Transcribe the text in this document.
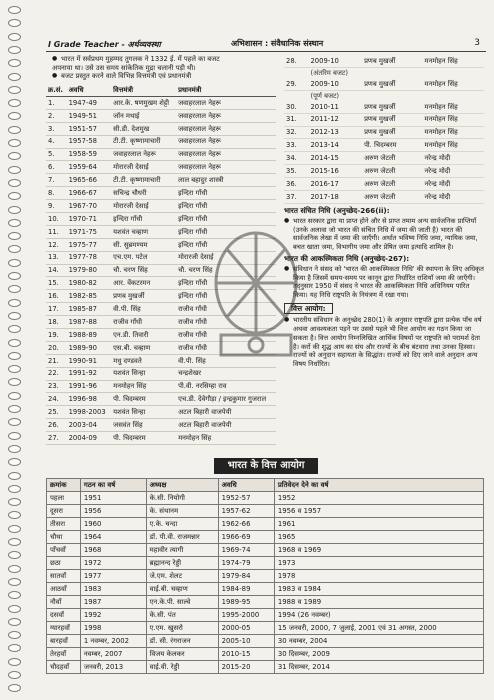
I Grade Teacher - अर्थव्यवस्था	अभिशासन : संवैधानिक संस्थान	3
● भारत में सर्वप्रथम मुहम्मद तुगलक ने 1332 ई. में पहले का बजट
अपनाया था। उसे उस समय सांकेतिक मुद्रा चलानी पड़ी थी।
● बजट प्रस्तुत करने वाले विभिन्न वित्तमंत्री एवं प्रधानमंत्री
क्र.सं.	अवधि	वित्तमंत्री	प्रधानमंत्री
1.	1947-49	आर.के. षणमुखम शेट्टी	जवाहरलाल नेहरू
2.	1949-51	जॉन मथाई	जवाहरलाल नेहरू
3.	1951-57	सी.डी. देशमुख	जवाहरलाल नेहरू
4.	1957-58	टी.टी. कृष्णामाचारी	जवाहरलाल नेहरू
5.	1958-59	जवाहरलाल नेहरू	जवाहरलाल नेहरू
6.	1959-64	मोरारजी देसाई	जवाहरलाल नेहरू
7.	1965-66	टी.टी. कृष्णामाचारी	लाल बहादुर शास्त्री
8.	1966-67	सचिन्द्र चौधरी	इन्दिरा गाँधी
9.	1967-70	मोरारजी देसाई	इन्दिरा गाँधी
10.	1970-71	इन्दिरा गाँधी	इन्दिरा गाँधी
11.	1971-75	यशवंत चव्हाण	इन्दिरा गाँधी
12.	1975-77	सी. सुब्रमण्यम	इन्दिरा गाँधी
13.	1977-78	एच.एम. पटेल	मोरारजी देसाई
14.	1979-80	चौ. चरण सिंह	चौ. चरण सिंह
15.	1980-82	आर. वेंकटरमन	इन्दिरा गाँधी
16.	1982-85	प्रणब मुखर्जी	इन्दिरा गाँधी
17.	1985-87	वी.पी. सिंह	राजीव गाँधी
18.	1987-88	राजीव गाँधी	राजीव गाँधी
19.	1988-89	एन.डी. तिवारी	राजीव गाँधी
20.	1989-90	एस.बी. चव्हाण	राजीव गाँधी
21.	1990-91	मधु दण्डवते	वी.पी. सिंह
22.	1991-92	यशवंत सिन्हा	चन्द्रशेखर
23.	1991-96	मनमोहन सिंह	पी.वी. नरसिम्हा राव
24.	1996-98	पी. चिदम्बरम	एच.डी. देवेगौड़ा / इन्द्रकुमार गुजराल
25.	1998-2003	यशवंत सिन्हा	अटल बिहारी वाजपेयी
26.	2003-04	जसवंत सिंह	अटल बिहारी वाजपेयी
27.	2004-09	पी. चिदम्बरम	मनमोहन सिंह
28.	2009-10	प्रणब मुखर्जी	मनमोहन सिंह
	(अंतरिम बजट)		
29.	2009-10	प्रणब मुखर्जी	मनमोहन सिंह
	(पूर्ण बजट)		
30.	2010-11	प्रणब मुखर्जी	मनमोहन सिंह
31.	2011-12	प्रणब मुखर्जी	मनमोहन सिंह
32.	2012-13	प्रणब मुखर्जी	मनमोहन सिंह
33.	2013-14	पी. चिदम्बरम	मनमोहन सिंह
34.	2014-15	अरुण जेटली	नरेन्द्र मोदी
35.	2015-16	अरुण जेटली	नरेन्द्र मोदी
36.	2016-17	अरुण जेटली	नरेन्द्र मोदी
37.	2017-18	अरुण जेटली	नरेन्द्र मोदी
भारत संचित निधि (अनुच्छेद-266(ii):

● भारत सरकार द्वारा या प्राप्त होने और से प्राप्त तमाम अन्य सार्वजनिक प्राप्तियाँ (उनके अलावा जो भारत की संचित निधि में जमा की जाती है) भारत की सार्वजनिक लेखा में जमा की जाएँगी। अर्थात भविष्य निधि जमा, न्यायिक जमा, बचत खाता जमा, विभागीय जमा और प्रेषित जमा इत्यादि शामिल है।

भारत की आकस्मिकता निधि (अनुच्छेद-267):

● संविधान ने संसद को 'भारत की आकस्मिकता निधि' की स्थापना के लिए अधिकृत किया है जिसमें समय-समय पर कानून द्वारा निर्धारित राशियाँ जमा की जाएँगी। तद्नुसार 1950 में संसद ने भारत की आकस्मिकता निधि अधिनियम पारित किया। यह निधि राष्ट्रपति के नियंत्रण में रखा गया।

वित्त आयोग:

● भारतीय संविधान के अनुच्छेद 280(1) के अनुसार राष्ट्रपति द्वारा प्रत्येक पाँच वर्ष अथवा आवश्यकता पड़ने पर उससे पहले भी वित्त आयोग का गठन किया जा सकता है। वित्त आयोग निम्नलिखित आर्थिक विषयों पर राष्ट्रपति को परामर्श देता है। करों की शुद्ध आय का संघ और राज्यों के बीच बंटवारा तथा उनका हिस्सा। राज्यों को अनुदान सहायता के सिद्धांत। राज्यों को दिए जाने वाले अनुदान अन्य विषय निर्धारित।

भारत के वित्त आयोग
क्रमांक	गठन का वर्ष	अध्यक्ष	अवधि	प्रतिवेदन देने का वर्ष
पहला	1951	के.सी. नियोगी	1952-57	1952
दूसरा	1956	के. संथानम	1957-62	1956 व 1957
तीसरा	1960	ए.के. चन्दा	1962-66	1961
चौथा	1964	डॉ. पी.वी. राजमन्नार	1966-69	1965
पाँचवाँ	1968	महावीर त्यागी	1969-74	1968 व 1969
छठा	1972	ब्रह्मानन्द रेड्डी	1974-79	1973
सातवाँ	1977	जे.एम. शेलट	1979-84	1978
आठवाँ	1983	वाई.बी. चव्हाण	1984-89	1983 व 1984
नौवाँ	1987	एन.के.पी. साल्वे	1989-95	1988 व 1989
दसवाँ	1992	के.सी. पंत	1995-2000	1994 (26 नवम्बर)
ग्यारहवाँ	1998	ए.एम. खुसरो	2000-05	15 जनवरी, 2000, 7 जुलाई, 2001 एवं 31 अगस्त, 2000
बारहवाँ	1 नवम्बर, 2002	डॉ. सी. रंगराजन	2005-10	30 नवम्बर, 2004
तेरहवाँ	नवम्बर, 2007	विजय केलकर	2010-15	30 दिसम्बर, 2009
चौदहवाँ	जनवरी, 2013	वाई.वी. रेड्डी	2015-20	31 दिसम्बर, 2014
